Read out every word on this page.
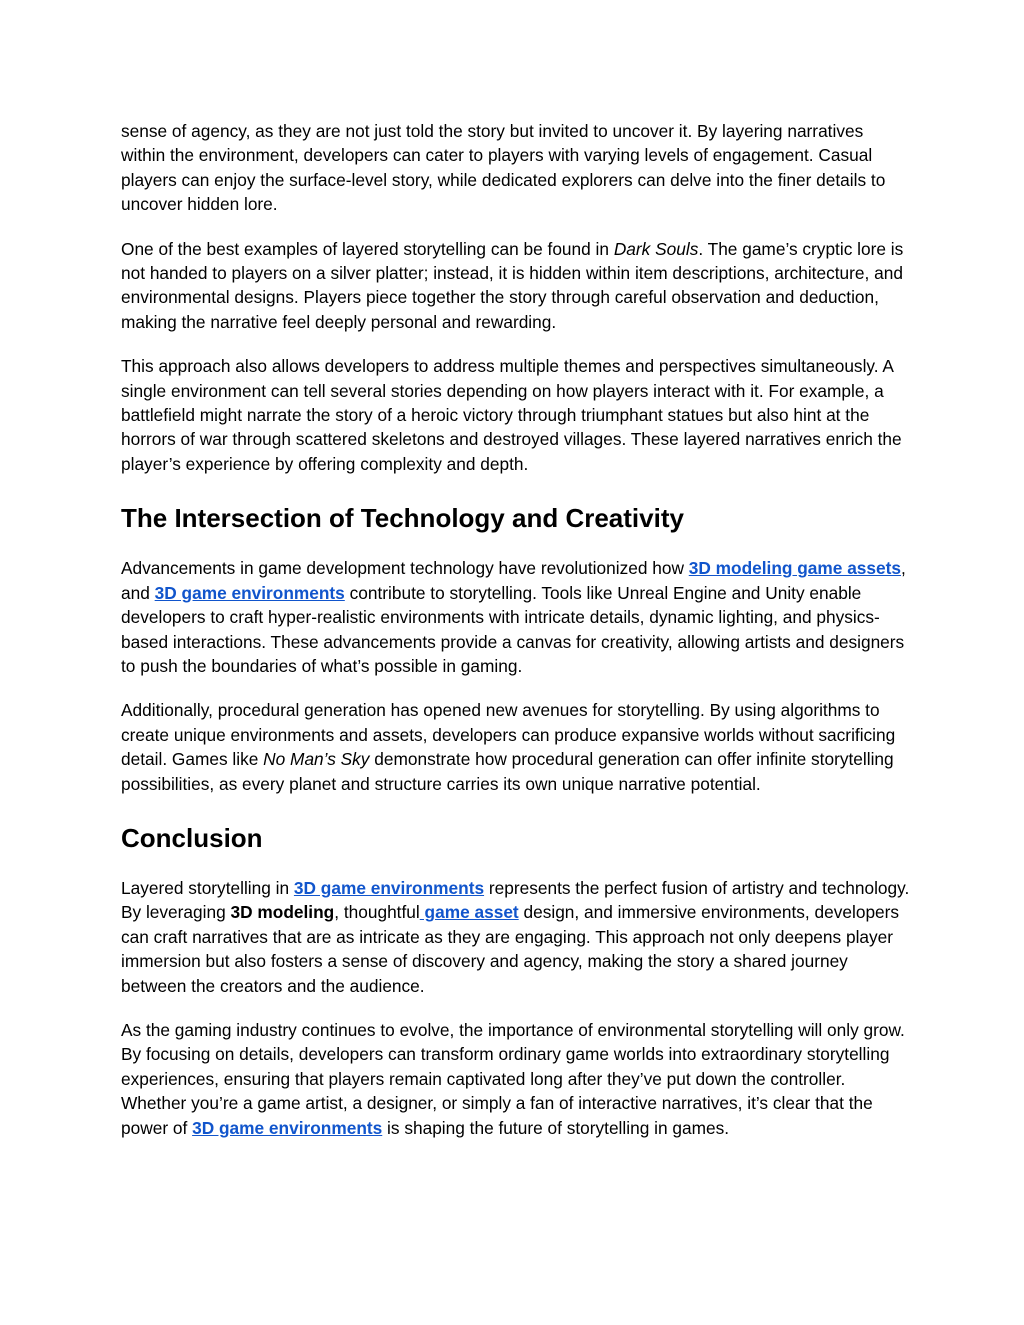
sense of agency, as they are not just told the story but invited to uncover it. By layering narratives within the environment, developers can cater to players with varying levels of engagement. Casual players can enjoy the surface-level story, while dedicated explorers can delve into the finer details to uncover hidden lore.

One of the best examples of layered storytelling can be found in Dark Souls. The game’s cryptic lore is not handed to players on a silver platter; instead, it is hidden within item descriptions, architecture, and environmental designs. Players piece together the story through careful observation and deduction, making the narrative feel deeply personal and rewarding.

This approach also allows developers to address multiple themes and perspectives simultaneously. A single environment can tell several stories depending on how players interact with it. For example, a battlefield might narrate the story of a heroic victory through triumphant statues but also hint at the horrors of war through scattered skeletons and destroyed villages. These layered narratives enrich the player’s experience by offering complexity and depth.

The Intersection of Technology and Creativity

Advancements in game development technology have revolutionized how 3D modeling game assets, and 3D game environments contribute to storytelling. Tools like Unreal Engine and Unity enable developers to craft hyper-realistic environments with intricate details, dynamic lighting, and physics-based interactions. These advancements provide a canvas for creativity, allowing artists and designers to push the boundaries of what’s possible in gaming.

Additionally, procedural generation has opened new avenues for storytelling. By using algorithms to create unique environments and assets, developers can produce expansive worlds without sacrificing detail. Games like No Man’s Sky demonstrate how procedural generation can offer infinite storytelling possibilities, as every planet and structure carries its own unique narrative potential.

Conclusion

Layered storytelling in 3D game environments represents the perfect fusion of artistry and technology. By leveraging 3D modeling, thoughtful game asset design, and immersive environments, developers can craft narratives that are as intricate as they are engaging. This approach not only deepens player immersion but also fosters a sense of discovery and agency, making the story a shared journey between the creators and the audience.

As the gaming industry continues to evolve, the importance of environmental storytelling will only grow. By focusing on details, developers can transform ordinary game worlds into extraordinary storytelling experiences, ensuring that players remain captivated long after they’ve put down the controller. Whether you’re a game artist, a designer, or simply a fan of interactive narratives, it’s clear that the power of 3D game environments is shaping the future of storytelling in games.
